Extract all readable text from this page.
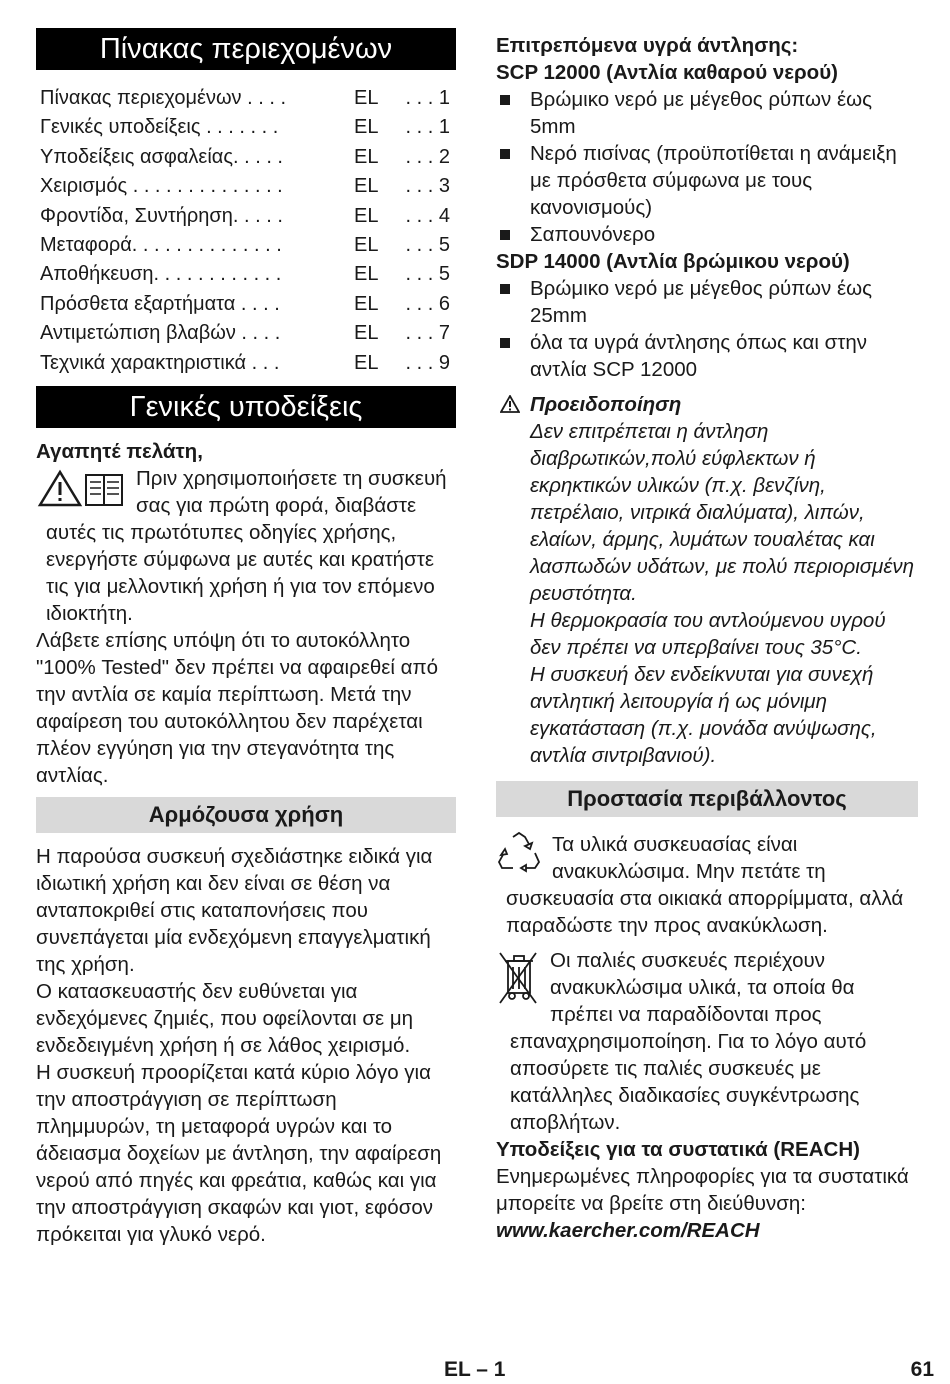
Πίνακας περιεχομένων
Πίνακας περιεχομένων . . . .	EL . . . 1
Γενικές υποδείξεις . . . . . . .	EL . . . 1
Υποδείξεις ασφαλείας. . . . .	EL . . . 2
Χειρισμός . . . . . . . . . . . . . .	EL . . . 3
Φροντίδα, Συντήρηση. . . . .	EL . . . 4
Μεταφορά. . . . . . . . . . . . . .	EL . . . 5
Αποθήκευση. . . . . . . . . . . .	EL . . . 5
Πρόσθετα εξαρτήματα . . . .	EL . . . 6
Αντιμετώπιση βλαβών . . . .	EL . . . 7
Τεχνικά χαρακτηριστικά . . .	EL . . . 9
Γενικές υποδείξεις

Αγαπητέ πελάτη,

Πριν χρησιμοποιήσετε τη συσκευή σας για πρώτη φορά, διαβάστε αυτές τις πρωτότυπες οδηγίες χρήσης, ενεργήστε σύμφωνα με αυτές και κρατήστε τις για μελλοντική χρήση ή για τον επόμενο ιδιοκτήτη.

Λάβετε επίσης υπόψη ότι το αυτοκόλλητο "100% Tested" δεν πρέπει να αφαιρεθεί από την αντλία σε καμία περίπτωση. Μετά την αφαίρεση του αυτοκόλλητου δεν παρέχεται πλέον εγγύηση για την στεγανότητα της αντλίας.

Αρμόζουσα χρήση

Η παρούσα συσκευή σχεδιάστηκε ειδικά για ιδιωτική χρήση και δεν είναι σε θέση να ανταποκριθεί στις καταπονήσεις που συνεπάγεται μία ενδεχόμενη επαγγελματική της χρήση.

Ο κατασκευαστής δεν ευθύνεται για ενδεχόμενες ζημιές, που οφείλονται σε μη ενδεδειγμένη χρήση ή σε λάθος χειρισμό.

Η συσκευή προορίζεται κατά κύριο λόγο για την αποστράγγιση σε περίπτωση πλημμυρών, τη μεταφορά υγρών και το άδειασμα δοχείων με άντληση, την αφαίρεση νερού από πηγές και φρεάτια, καθώς και για την αποστράγγιση σκαφών και γιοτ, εφόσον πρόκειται για γλυκό νερό.

Επιτρεπόμενα υγρά άντλησης:

SCP 12000 (Αντλία καθαρού νερού)

Βρώμικο νερό με μέγεθος ρύπων έως 5mm
Νερό πισίνας (προϋποτίθεται η ανάμειξη με πρόσθετα σύμφωνα με τους κανονισμούς)
Σαπουνόνερο

SDP 14000 (Αντλία βρώμικου νερού)

Βρώμικο νερό με μέγεθος ρύπων έως 25mm
όλα τα υγρά άντλησης όπως και στην αντλία SCP 12000
Προειδοποίηση

Δεν επιτρέπεται η άντληση διαβρωτικών,πολύ εύφλεκτων ή εκρηκτικών υλικών (π.χ. βενζίνη, πετρέλαιο, νιτρικά διαλύματα), λιπών, ελαίων, άρμης, λυμάτων τουαλέτας και λασπωδών υδάτων, με πολύ περιορισμένη ρευστότητα.

Η θερμοκρασία του αντλούμενου υγρού δεν πρέπει να υπερβαίνει τους 35°C.

Η συσκευή δεν ενδείκνυται για συνεχή αντλητική λειτουργία ή ως μόνιμη εγκατάσταση (π.χ. μονάδα ανύψωσης, αντλία σιντριβανιού).

Προστασία περιβάλλοντος

Τα υλικά συσκευασίας είναι ανακυκλώσιμα. Μην πετάτε τη συσκευασία στα οικιακά απορρίμματα, αλλά παραδώστε την προς ανακύκλωση.

Οι παλιές συσκευές περιέχουν ανακυκλώσιμα υλικά, τα οποία θα πρέπει να παραδίδονται προς επαναχρησιμοποίηση. Για το λόγο αυτό αποσύρετε τις παλιές συσκευές με κατάλληλες διαδικασίες συγκέντρωσης αποβλήτων.

Υποδείξεις για τα συστατικά (REACH)

Ενημερωμένες πληροφορίες για τα συστατικά μπορείτε να βρείτε στη διεύθυνση:

www.kaercher.com/REACH

EL – 1	61
